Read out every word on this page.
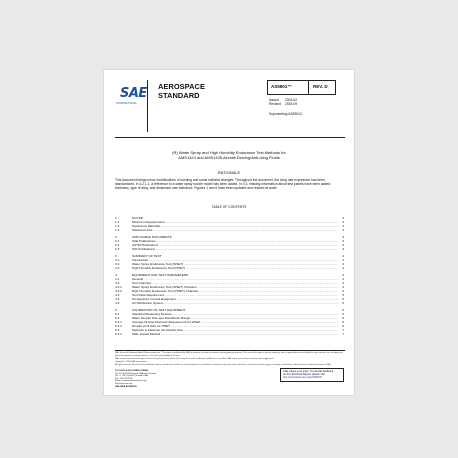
SAE
INTERNATIONAL
AEROSPACE
STANDARD
AS5901™	REV. D
Issued 2003-02
Revised 2018-09
Superseding AS5901C
(R) Water Spray and High Humidity Endurance Test Methods for
AMS1424 and AMS1428 Aircraft Deicing/Anti-Icing Fluids
RATIONALE
This document brings minor modifications of wording and some editorial changes. Throughout the document, the icing rate expression has been standardized. In 4.2.1.1, a reference to a water spray nozzle model has been added. In 4.3, missing information about test panels have been added, thickness, type of alloy, and dimension size tolerance. Figures 1 and 6 have been updated and resized at scale.
TABLE OF CONTENTS
1.	SCOPE	3
1.1	Minimum Requirements .....	3
1.2	Hazardous Materials .....	3
1.3	Standard Units .....	3
2.	APPLICABLE DOCUMENTS	3
2.1	SAE Publications .....	3
2.2	ASTM Publications .....	3
2.3	ISO Publications .....	3
3.	SUMMARY OF TEST	4
3.1	Introduction .....	4
3.2	Water Spray Endurance Test (WSET) .....	4
3.3	High Humidity Endurance Test (HHET) .....	4
4.	EQUIPMENT AND TEST PARAMETERS	4
4.1	General .....	4
4.2	Test Chamber .....	4
4.2.1	Water Spray Endurance Test (WSET) Chamber .....	4
4.2.2	High Humidity Endurance Test (HHET) Chamber .....	4
4.3	Test Plate Requirement .....	5
4.4	Temperature Control Equipment .....	5
4.5	Air Distribution System .....	5
5.	CALIBRATION OF TEST EQUIPMENT	5
5.1	Standard Measuring Devices .....	5
5.2	Water Droplet Size and Distribution Range .....	6
5.2.1	Average Droplet Diameter Requirement for WSET .....	6
5.2.2	Droplet Limit Size for HHET .....	6
5.3	Methods to Measure the Droplet Size .....	7
5.3.1	Slide Impact Method .....	7

SAE Technical Standards Board Rules provide that: "This report is published by SAE to advance the state of technical and engineering sciences. The use of this report is entirely voluntary, and its applicability and suitability for any particular use, including any patent infringement arising therefrom, is the sole responsibility of the user."

SAE reviews each technical report at least every five years at which time it may be revised, reaffirmed, stabilized, or cancelled. SAE invites your written comments and suggestions.

Copyright © 2018 SAE International

All rights reserved. No part of this publication may be reproduced, stored in a retrieval system or transmitted, in any form or by any means, electronic, mechanical, photocopying, recording, or otherwise, without the prior written permission of SAE.

TO PLACE A DOCUMENT ORDER:
Tel: 877-606-7323 (inside USA and Canada)
Tel: +1 724-776-4970 (outside USA)
Fax: 724-776-0790
Email: CustomerService@sae.org
http://www.sae.org
SAE WEB ADDRESS:
SAE values your input. To provide feedback
on this Technical Report, please visit
http://standards.sae.org/AS5901D
